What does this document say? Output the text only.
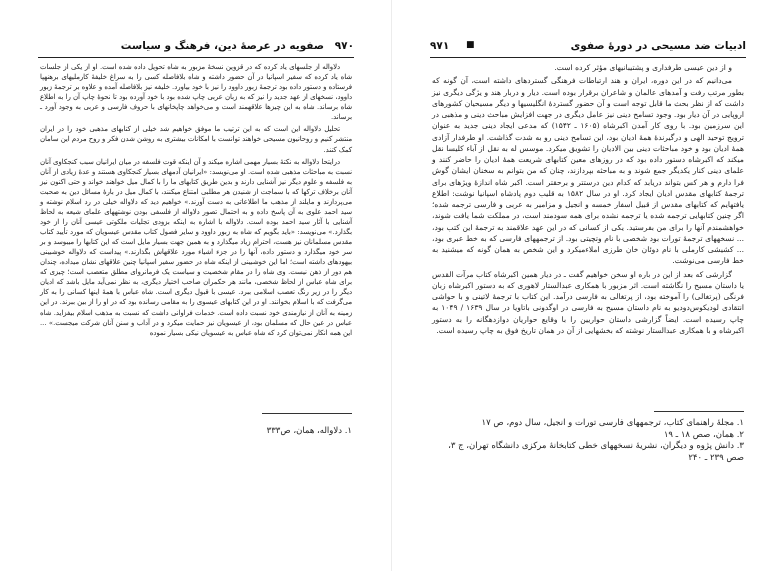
۹۷۰
صفویه در عرصهٔ دین، فرهنگ و سیاست

دلاواله از جلسهای یاد کرده که در قزوین نسخهٔ مزبور به شاه تحویل داده شده است. او از یکی از جلسات شاه یاد کرده که سفیر اسپانیا در آن حضور داشته و شاه بلافاصله کسی را به سراغ خلیفهٔ کارملیهای برهنهپا فرستاده و دستور داده بود ترجمهٔ زبور داوود را نیز با خود بیاورد. خلیفه نیز بلافاصله آمده و علاوه بر ترجمهٔ زبور داوود، نسخهای از عهد جدید را نیز که به زبان عربی چاپ شده بود با خود آورده بود تا نحوهٔ چاپ آن را به اطلاع شاه برساند. شاه به این چیزها علاقهمند است و می‌خواهد چاپخانهای با حروف فارسی و عربی به وجود آورد ـ برساند.

تحلیل دلاواله این است که به این ترتیب ما موفق خواهیم شد خیلی از کتابهای مذهبی خود را در ایران منتشر کنیم و روحانیون مسیحی خواهند توانست با امکانات بیشتری به روشن شدن فکر و روح مردم این سامان کمک کنند.

درایتحا دلاواله به نکتهٔ بسیار مهمی اشاره میکند و آن اینکه قوت فلسفه در میان ایرانیان سبب کنجکاوی آنان نسبت به مباحثات مذهبی شده است. او می‌نویسد: «ایرانیان آدمهای بسیار کنجکاوی هستند و عدهٔ زیادی از آنان به فلسفه و علوم دیگر نیز آشنایی دارند و بدین طریق کتابهای ما را با کمال میل خواهند خواند و حتی اکنون نیز آنان برخلاف ترکها که با سماجت از شنیدن هر مطلبی امتناع میکنند، با کمال میل در بارهٔ مسائل دین به صحبت می‌پردازند و مایلند از مذهب ما اطلاعاتی به دست آورند.» خواهیم دید که دلاواله خیلی در رد اسلام نوشته و سید احمد علوی به آن پاسخ داده و به احتمال تصور دلاواله از فلسفی بودن نوشتههای علمای شیعه به لحاظ آشنایی با آثار سید احمد بوده است. دلاواله با اشاره به اینکه بزودی تجلیات ملکوتی عیسی آنان را از خود بگذارد.» می‌نویسد: «باید بگویم که شاه به زبور داوود و سایر فصول کتاب مقدس عیسویان که مورد تأیید کتاب مقدس مسلمانان نیز هست، احترام زیاد میگذارد و به همین جهت بسیار مایل است که این کتابها را میبوسد و بر سر خود میگذارد و دستور داده، آنها را در جزء اشیاء مورد علاقهاش بگذارند.» پیداست که دلاواله خوشبینی بیهودهای داشته است؛ اما این خوشبینی از اینکه شاه در حضور سفیر اسپانیا چنین علاقهای نشان میداده، چندان هم دور از ذهن نیست. وی شاه را در مقام شخصیت و سیاست یک فرمانروای مطلق متعصب است؛ چیزی که برای شاه عباس از لحاظ شخصی، مانند هر حکمران صاحب اختیار دیگری، به نظر نمی‌آید مایل باشد که ادیان دیگر را در زیر رنگ تعصب اسلامی ببرد. عیسی با قبول دیگری است. شاه عباس با همهٔ اینها کسانی را به کار می‌گرفت که با اسلام بخوانند. او در این کتابهای عیسوی را به مقامی رسانده بود که در او را از بین ببرند. در این زمینه به آنان از نیازمندی خود نسبت داده است. خدمات فراوانی داشت که نسبت به مذهب اسلام بیفزاید. شاه عباس در عین حال که مسلمان بود، از عیسویان نیز حمایت میکرد و در آداب و سنن آنان شرکت میجست.» ... این همه انکار نمی‌توان کرد که شاه عباس به عیسویان نیکی بسیار نموده

۱. دلاواله، همان، ص۳۳۳
۹۷۱ ■	ادبیات ضد مسیحی در دورهٔ صفوی

و از دین عیسی طرفداری و پشتیبانیهای مؤثر کرده است.

می‌دانیم که در این دوره، ایران و هند ارتباطات فرهنگی گستردهای داشته است، آن گونه که بطور مرتب رفت و آمدهای عالمان و شاعران برقرار بوده است. دیار و دربار هند و یژگی دیگری نیز داشت که از نظر بحث ما قابل توجه است و آن حضور گستردهٔ انگلیسیها و دیگر مسیحیان کشورهای اروپایی در آن دیار بود. وجود تسامح دینی نیز عامل دیگری در جهت افزایش مباحث دینی و مذهبی در این سرزمین بود. با روی کار آمدن اکبرشاه (۱۶۰۵ ـ ۱۵۴۲) که مدعی ایجاد دینی جدید به عنوان ترویج توحید الهی و درگیرندهٔ همهٔ ادیان بود، این تسامح دینی رو به شدت گذاشت. او طرفدار آزادی همهٔ ادیان بود و خود مباحثات دینی بین الادیان را تشویق میکرد. موسس له به نقل از آباء کلیسا نقل میکند که اکبرشاه دستور داده بود که در روزهای معین کتابهای شریعت همهٔ ادیان را حاضر کنند و علمای دینی کنار یکدیگر جمع شوند و به مباحثه بپردازند، چنان که من بتوانم به سخنان ایشان گوش فرا دارم و هر کس بتواند دریابد که کدام دین درستتر و برحقتر است. اکبر شاه اندازهٔ ویژهای برای ترجمهٔ کتابهای مقدس ادیان ایجاد کرد. او در سال ۱۵۸۲ به قلیب دوم پادشاه اسپانیا نوشت: اطلاع یافتهایم که کتابهای مقدس از قبیل اسفار خمسه و انجیل و مزامیر به عربی و فارسی ترجمه شده؛ اگر چنین کتابهایی ترجمه شده یا ترجمه نشده برای همه سودمند است، در مملکت شما یافت شوند، خواهشمندم آنها را برای من بفرستید. یکی از کسانی که در این عهد علاقمند به ترجمهٔ این کتب بود، ... نسخههای ترجمهٔ تورات بود شخصی با نام وتچیتی بود. از ترجمههای فارسی که به خط عبری بود، ... کشیشی کارملی با نام دوئان خان طرزی املاءمیکرد و این شخص به همان گونه که میشنید به خط فارسی می‌نوشت.

گزارشی که بعد از این در باره او سخن خواهیم گفت ـ در دیار همین اکبرشاه کتاب مرآت القدس یا داستان مسیح را نگاشته است. اثر مزبور با همکاری عبدالستار لاهوری که به دستور اکبرشاه زبان فرنگی (پرتغالی) را آموخته بود، از پرتغالی به فارسی درآمد. این کتاب با ترجمهٔ لاتینی و با حواشی انتقادی لودیکوس‌دودیو به نام داستان مسیح به فارسی در اوگدونی باتاویا در سال ۱۶۳۹ / ۱۰۴۹ به چاپ رسیده است. ایضاً گزارشی داستان حواریین را با وقایع حواریان دوازدهگانه را به دستور اکبرشاه و با همکاری عبدالستار نوشته که بخشهایی از آن در همان تاریخ فوق به چاپ رسیده است.

۱. مجلهٔ راهنمای کتاب، ترجمههای فارسی تورات و انجیل، سال دوم، ص ۱۷
۲. همان، صص ۱۸ ـ ۱۹
۳. دانش پژوه و دیگران، نشریهٔ نسخههای خطی کتابخانهٔ مرکزی دانشگاه تهران، ج ۳، صص ۲۳۹ ـ ۲۴۰
